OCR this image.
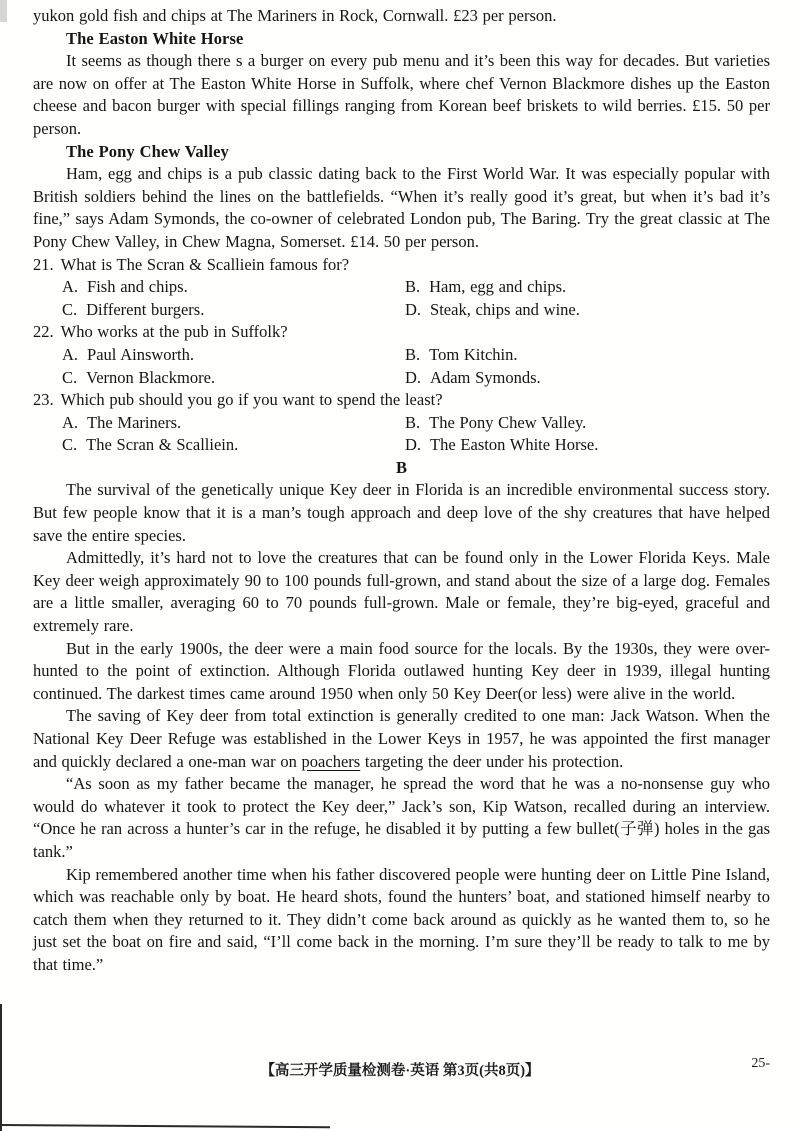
yukon gold fish and chips at The Mariners in Rock, Cornwall. £23 per person.

The Easton White Horse

It seems as though there s a burger on every pub menu and it’s been this way for decades. But varieties are now on offer at The Easton White Horse in Suffolk, where chef Vernon Blackmore dishes up the Easton cheese and bacon burger with special fillings ranging from Korean beef briskets to wild berries. £15. 50 per person.

The Pony Chew Valley

Ham, egg and chips is a pub classic dating back to the First World War. It was especially popular with British soldiers behind the lines on the battlefields. “When it’s really good it’s great, but when it’s bad it’s fine,” says Adam Symonds, the co-owner of celebrated London pub, The Baring. Try the great classic at The Pony Chew Valley, in Chew Magna, Somerset. £14. 50 per person.

21. What is The Scran & Scalliein famous for?

A. Fish and chips.	B. Ham, egg and chips.

C. Different burgers.	D. Steak, chips and wine.

22. Who works at the pub in Suffolk?

A. Paul Ainsworth.	B. Tom Kitchin.

C. Vernon Blackmore.	D. Adam Symonds.

23. Which pub should you go if you want to spend the least?

A. The Mariners.	B. The Pony Chew Valley.

C. The Scran & Scalliein.	D. The Easton White Horse.

B

The survival of the genetically unique Key deer in Florida is an incredible environmental success story. But few people know that it is a man’s tough approach and deep love of the shy creatures that have helped save the entire species.

Admittedly, it’s hard not to love the creatures that can be found only in the Lower Florida Keys. Male Key deer weigh approximately 90 to 100 pounds full-grown, and stand about the size of a large dog. Females are a little smaller, averaging 60 to 70 pounds full-grown. Male or female, they’re big-eyed, graceful and extremely rare.

But in the early 1900s, the deer were a main food source for the locals. By the 1930s, they were over-hunted to the point of extinction. Although Florida outlawed hunting Key deer in 1939, illegal hunting continued. The darkest times came around 1950 when only 50 Key Deer(or less) were alive in the world.

The saving of Key deer from total extinction is generally credited to one man: Jack Watson. When the National Key Deer Refuge was established in the Lower Keys in 1957, he was appointed the first manager and quickly declared a one-man war on poachers targeting the deer under his protection.

“As soon as my father became the manager, he spread the word that he was a no-nonsense guy who would do whatever it took to protect the Key deer,” Jack’s son, Kip Watson, recalled during an interview. “Once he ran across a hunter’s car in the refuge, he disabled it by putting a few bullet(子弹) holes in the gas tank.”

Kip remembered another time when his father discovered people were hunting deer on Little Pine Island, which was reachable only by boat. He heard shots, found the hunters’ boat, and stationed himself nearby to catch them when they returned to it. They didn’t come back around as quickly as he wanted them to, so he just set the boat on fire and said, “I’ll come back in the morning. I’m sure they’ll be ready to talk to me by that time.”

【高三开学质量检测卷·英语 第3页(共8页)】	25-
